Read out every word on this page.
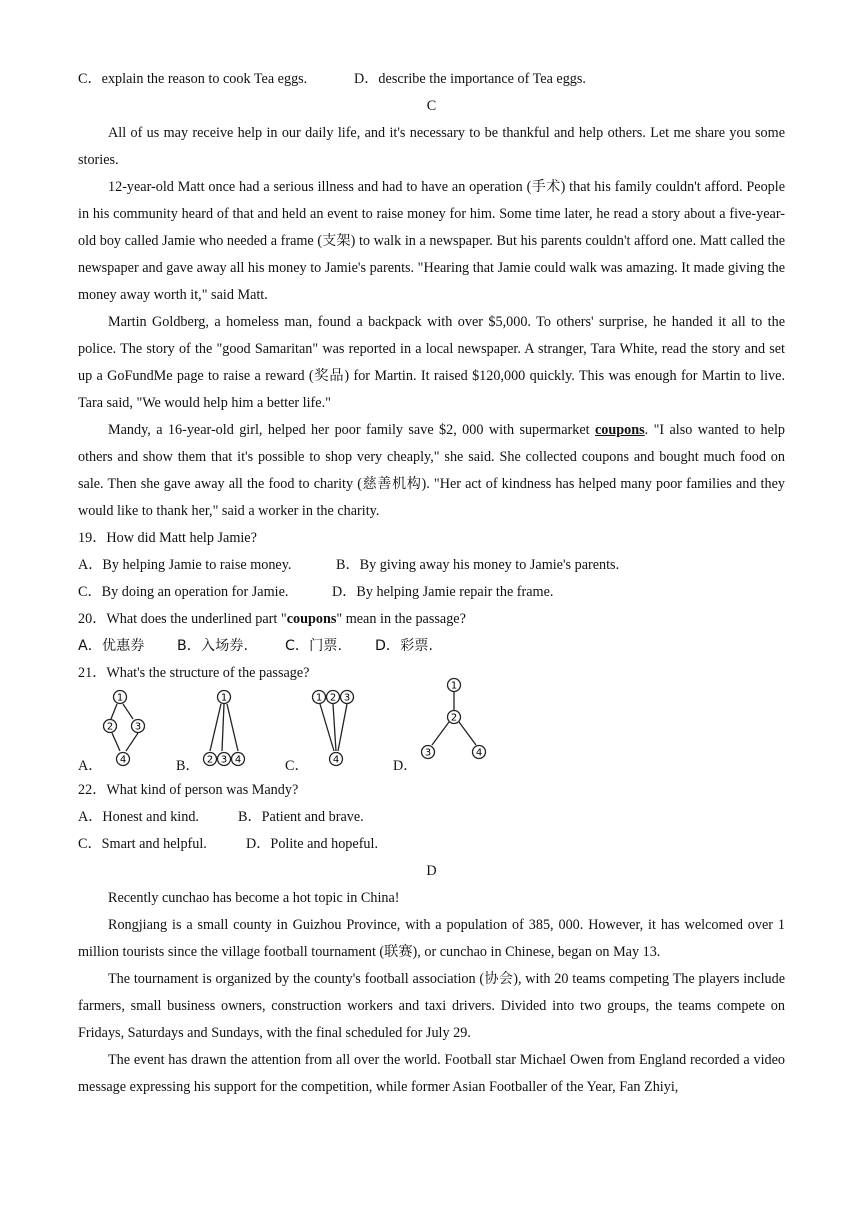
C．explain the reason to cook Tea eggs.	D．describe the importance of Tea eggs.
C
All of us may receive help in our daily life, and it's necessary to be thankful and help others. Let me share you some stories.
12-year-old Matt once had a serious illness and had to have an operation (手术) that his family couldn't afford. People in his community heard of that and held an event to raise money for him. Some time later, he read a story about a five-year-old boy called Jamie who needed a frame (支架) to walk in a newspaper. But his parents couldn't afford one. Matt called the newspaper and gave away all his money to Jamie's parents. "Hearing that Jamie could walk was amazing. It made giving the money away worth it," said Matt.
Martin Goldberg, a homeless man, found a backpack with over $5,000. To others' surprise, he handed it all to the police. The story of the "good Samaritan" was reported in a local newspaper. A stranger, Tara White, read the story and set up a GoFundMe page to raise a reward (奖品) for Martin. It raised $120,000 quickly. This was enough for Martin to live. Tara said, "We would help him a better life."
Mandy, a 16-year-old girl, helped her poor family save $2, 000 with supermarket coupons. "I also wanted to help others and show them that it's possible to shop very cheaply," she said. She collected coupons and bought much food on sale. Then she gave away all the food to charity (慈善机构). "Her act of kindness has helped many poor families and they would like to thank her," said a worker in the charity.
19．How did Matt help Jamie?
A．By helping Jamie to raise money.	B．By giving away his money to Jamie's parents.
C．By doing an operation for Jamie.	D．By helping Jamie repair the frame.
20．What does the underlined part "coupons" mean in the passage?
A．优惠券 B．入场券.	C．门票. D．彩票.
21．What's the structure of the passage?
A．	B．	C．	D．
1
2 3
4
1
2 3 4
1 2 3
4
1
2
3	4
22．What kind of person was Mandy?
A．Honest and kind.	B．Patient and brave.
C．Smart and helpful.	D．Polite and hopeful.
D
Recently cunchao has become a hot topic in China!
Rongjiang is a small county in Guizhou Province, with a population of 385, 000. However, it has welcomed over 1 million tourists since the village football tournament (联赛), or cunchao in Chinese, began on May 13.
The tournament is organized by the county's football association (协会), with 20 teams competing The players include farmers, small business owners, construction workers and taxi drivers. Divided into two groups, the teams compete on Fridays, Saturdays and Sundays, with the final scheduled for July 29.
The event has drawn the attention from all over the world. Football star Michael Owen from England recorded a video message expressing his support for the competition, while former Asian Footballer of the Year, Fan Zhiyi,
